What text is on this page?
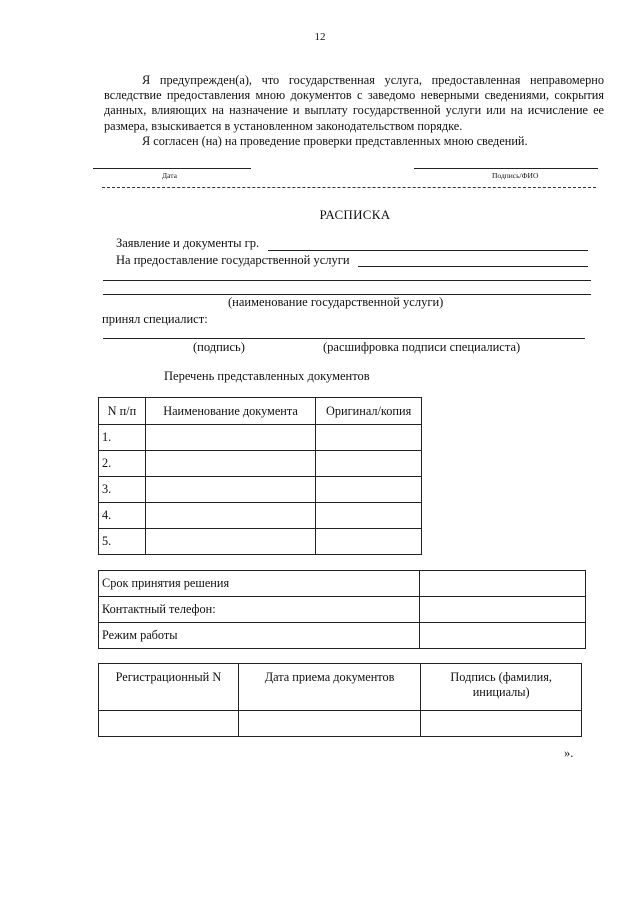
12

Я предупрежден(а), что государственная услуга, предоставленная неправомерно вследствие предоставления мною документов с заведомо неверными сведениями, сокрытия данных, влияющих на назначение и выплату государственной услуги или на исчисление ее размера, взыскивается в установленном законодательством порядке.

Я согласен (на) на проведение проверки представленных мною сведений.

Дата	Подпись/ФИО
РАСПИСКА
Заявление и документы гр.
На предоставление государственной услуги
(наименование государственной услуги)
принял специалист:
(подпись)	(расшифровка подписи специалиста)
Перечень представленных документов
N п/п	Наименование документа	Оригинал/копия
1.		
2.		
3.		
4.		
5.		
Срок принятия решения	
Контактный телефон:	
Режим работы	
Регистрационный N	Дата приема документов	Подпись (фамилия, инициалы)

».
